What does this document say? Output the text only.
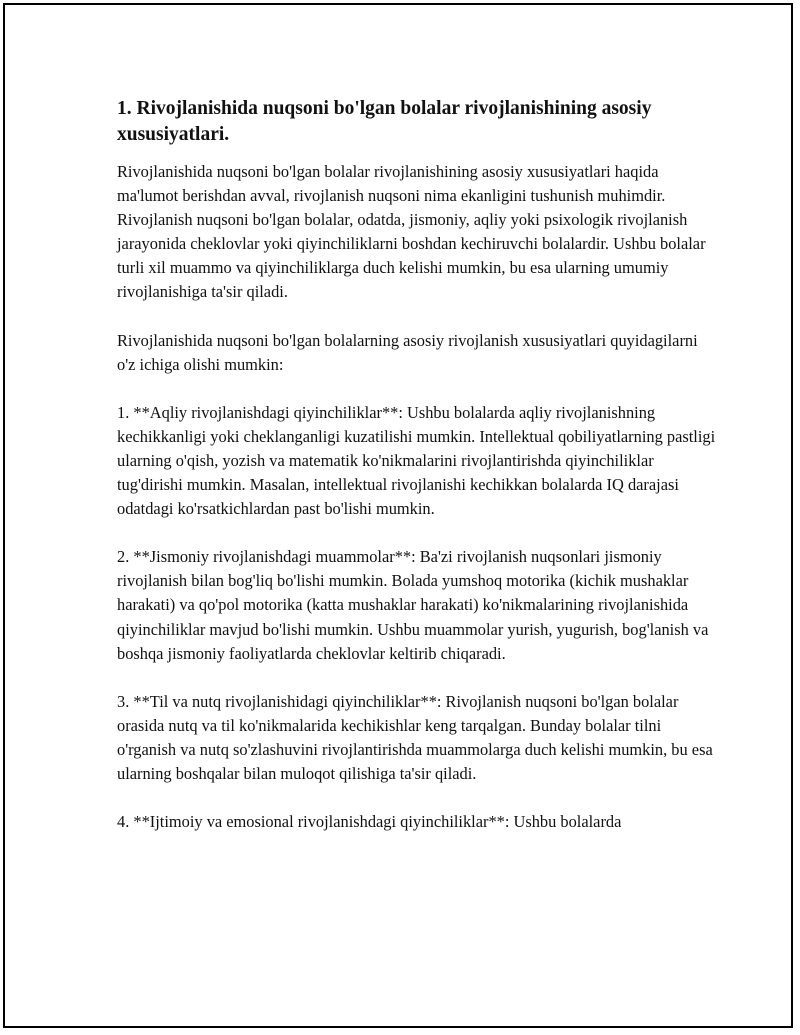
1. Rivojlanishida nuqsoni bo'lgan bolalar rivojlanishining asosiy xususiyatlari.

Rivojlanishida nuqsoni bo'lgan bolalar rivojlanishining asosiy xususiyatlari haqida ma'lumot berishdan avval, rivojlanish nuqsoni nima ekanligini tushunish muhimdir. Rivojlanish nuqsoni bo'lgan bolalar, odatda, jismoniy, aqliy yoki psixologik rivojlanish jarayonida cheklovlar yoki qiyinchiliklarni boshdan kechiruvchi bolalardir. Ushbu bolalar turli xil muammo va qiyinchiliklarga duch kelishi mumkin, bu esa ularning umumiy rivojlanishiga ta'sir qiladi.

Rivojlanishida nuqsoni bo'lgan bolalarning asosiy rivojlanish xususiyatlari quyidagilarni o'z ichiga olishi mumkin:

1. **Aqliy rivojlanishdagi qiyinchiliklar**: Ushbu bolalarda aqliy rivojlanishning kechikkanligi yoki cheklanganligi kuzatilishi mumkin. Intellektual qobiliyatlarning pastligi ularning o'qish, yozish va matematik ko'nikmalarini rivojlantirishda qiyinchiliklar tug'dirishi mumkin. Masalan, intellektual rivojlanishi kechikkan bolalarda IQ darajasi odatdagi ko'rsatkichlardan past bo'lishi mumkin.

2. **Jismoniy rivojlanishdagi muammolar**: Ba'zi rivojlanish nuqsonlari jismoniy rivojlanish bilan bog'liq bo'lishi mumkin. Bolada yumshoq motorika (kichik mushaklar harakati) va qo'pol motorika (katta mushaklar harakati) ko'nikmalarining rivojlanishida qiyinchiliklar mavjud bo'lishi mumkin. Ushbu muammolar yurish, yugurish, bog'lanish va boshqa jismoniy faoliyatlarda cheklovlar keltirib chiqaradi.

3. **Til va nutq rivojlanishidagi qiyinchiliklar**: Rivojlanish nuqsoni bo'lgan bolalar orasida nutq va til ko'nikmalarida kechikishlar keng tarqalgan. Bunday bolalar tilni o'rganish va nutq so'zlashuvini rivojlantirishda muammolarga duch kelishi mumkin, bu esa ularning boshqalar bilan muloqot qilishiga ta'sir qiladi.

4. **Ijtimoiy va emosional rivojlanishdagi qiyinchiliklar**: Ushbu bolalarda
